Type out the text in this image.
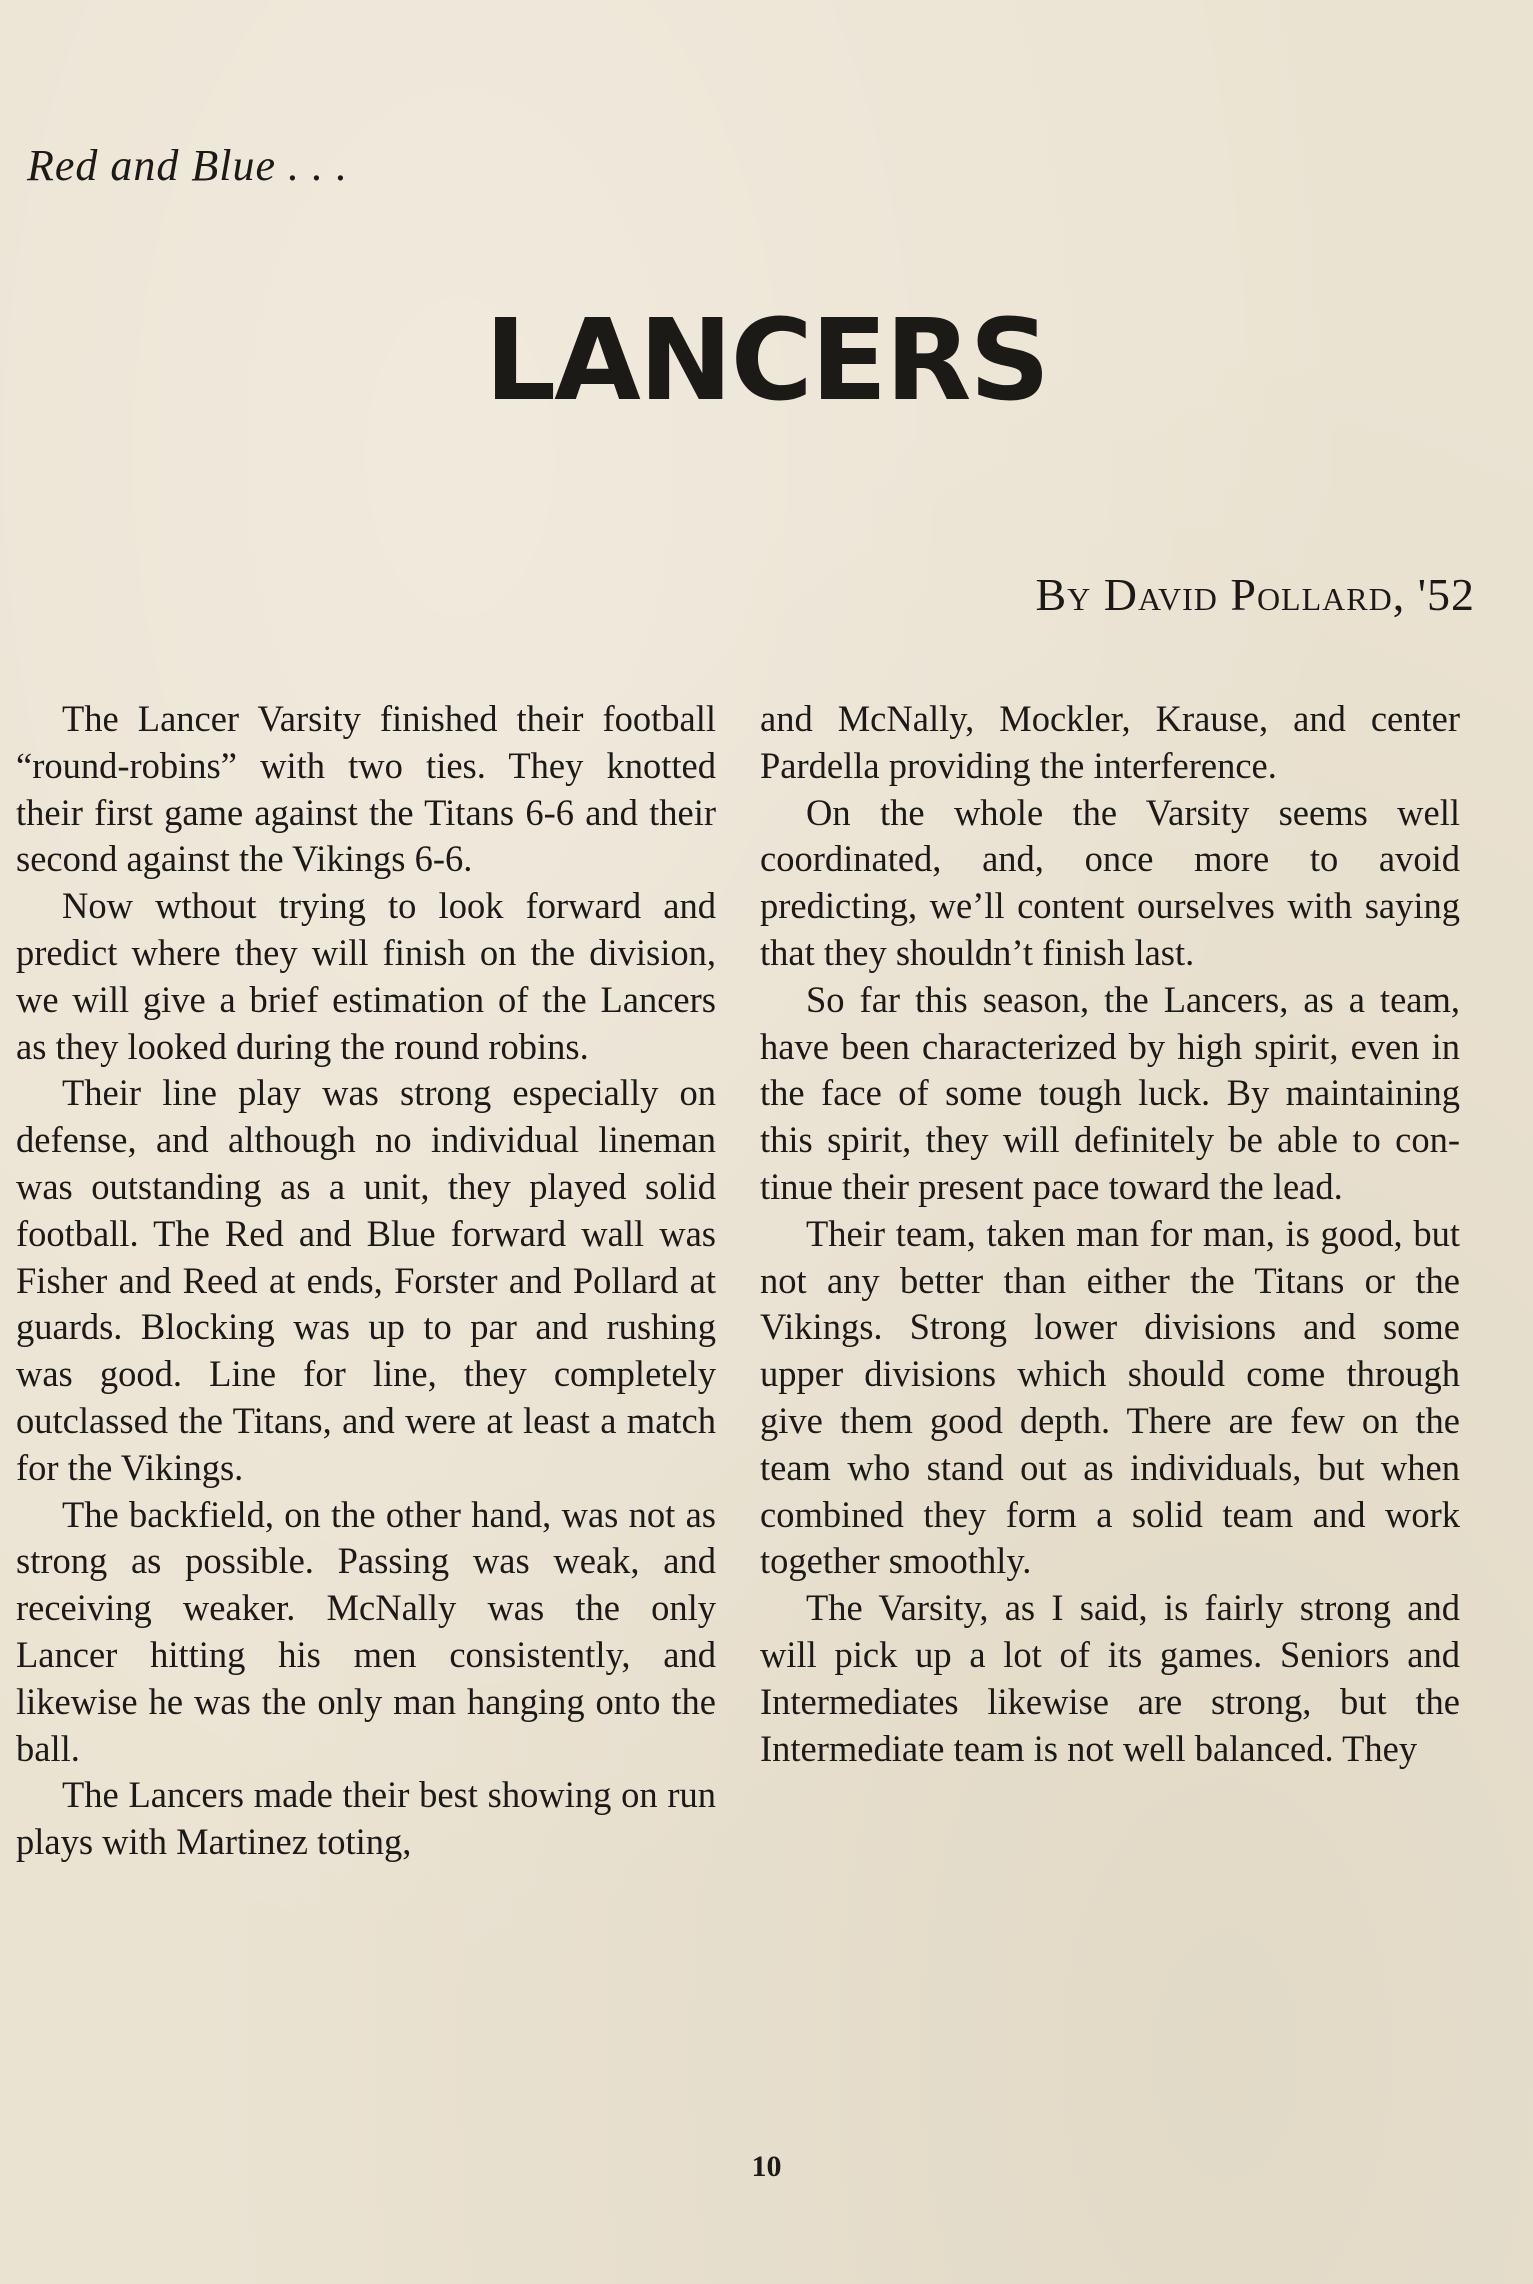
Red and Blue . . .
LANCERS
By David Pollard, '52

The Lancer Varsity finished their football “round-robins” with two ties. They knotted their first game against the Titans 6-6 and their second against the Vikings 6-6.

Now wthout trying to look forward and predict where they will finish on the division, we will give a brief estimation of the Lancers as they looked during the round robins.

Their line play was strong especially on defense, and although no individual lineman was outstanding as a unit, they played solid football. The Red and Blue forward wall was Fisher and Reed at ends, Forster and Pollard at guards. Blocking was up to par and rushing was good. Line for line, they completely outclassed the Titans, and were at least a match for the Vikings.

The backfield, on the other hand, was not as strong as possible. Passing was weak, and receiving weaker. McNally was the only Lancer hitting his men consistently, and likewise he was the only man hanging onto the ball.

The Lancers made their best showing on run plays with Martinez toting,

and McNally, Mockler, Krause, and center Pardella providing the interference.

On the whole the Varsity seems well coordinated, and, once more to avoid predicting, we’ll content ourselves with saying that they shouldn’t finish last.

So far this season, the Lancers, as a team, have been characterized by high spirit, even in the face of some tough luck. By maintaining this spirit, they will definitely be able to continue their present pace toward the lead.

Their team, taken man for man, is good, but not any better than either the Titans or the Vikings. Strong lower divisions and some upper divisions which should come through give them good depth. There are few on the team who stand out as individuals, but when combined they form a solid team and work together smoothly.

The Varsity, as I said, is fairly strong and will pick up a lot of its games. Seniors and Intermediates likewise are strong, but the Intermediate team is not well balanced. They

10
